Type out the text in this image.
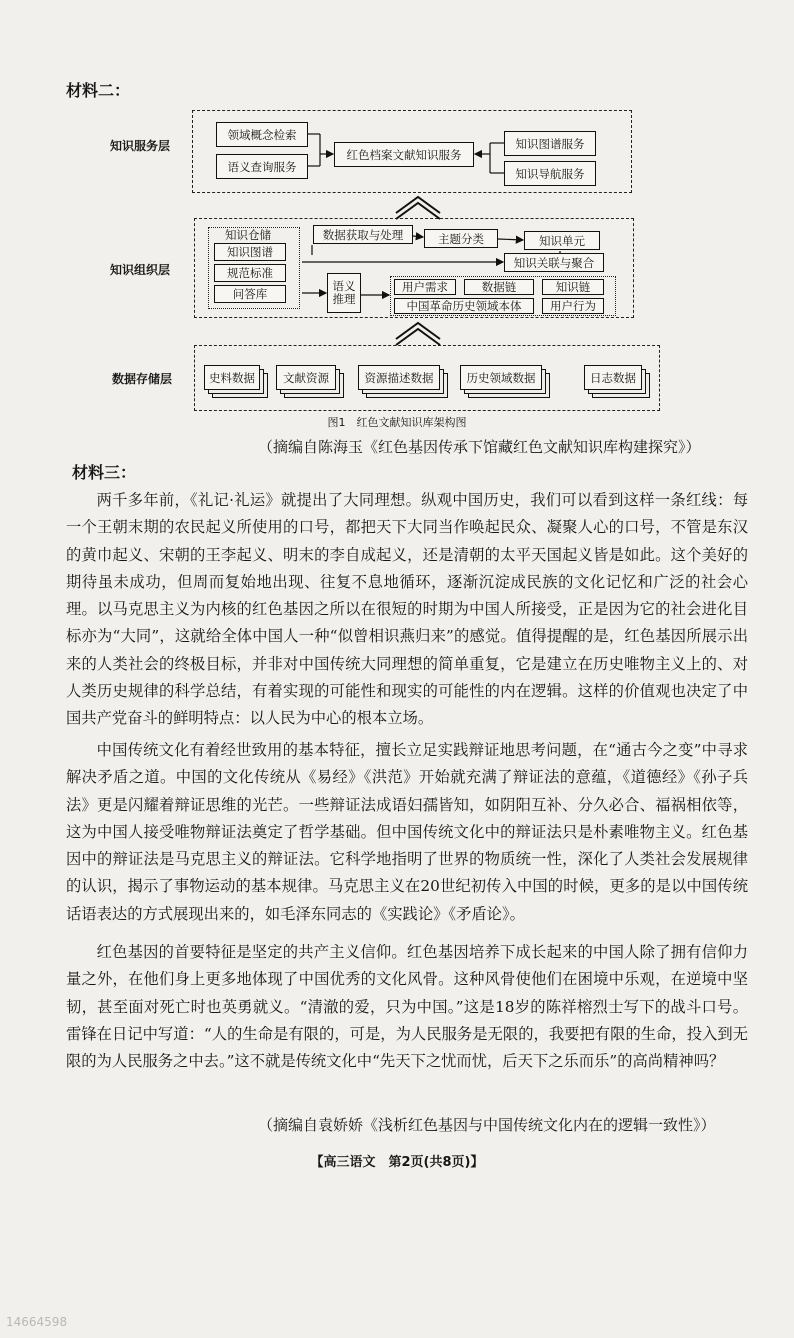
材料二：
知识服务层
知识组织层
数据存储层
领域概念检索
语义查询服务
红色档案文献知识服务
知识图谱服务
知识导航服务
知识仓储
知识图谱
规范标准
问答库
数据获取与处理	主题分类	知识单元
知识关联与聚合
语义推理
用户需求	数据链	知识链
中国革命历史领域本体	用户行为
史料数据 文献资源	资源描述数据	历史领域数据	日志数据
图1　红色文献知识库架构图
（摘编自陈海玉《红色基因传承下馆藏红色文献知识库构建探究》）
材料三：

两千多年前，《礼记·礼运》就提出了大同理想。纵观中国历史，我们可以看到这样一条红线：每一个王朝末期的农民起义所使用的口号，都把天下大同当作唤起民众、凝聚人心的口号，不管是东汉的黄巾起义、宋朝的王李起义、明末的李自成起义，还是清朝的太平天国起义皆是如此。这个美好的期待虽未成功，但周而复始地出现、往复不息地循环，逐渐沉淀成民族的文化记忆和广泛的社会心理。以马克思主义为内核的红色基因之所以在很短的时期为中国人所接受，正是因为它的社会进化目标亦为“大同”，这就给全体中国人一种“似曾相识燕归来”的感觉。值得提醒的是，红色基因所展示出来的人类社会的终极目标，并非对中国传统大同理想的简单重复，它是建立在历史唯物主义上的、对人类历史规律的科学总结，有着实现的可能性和现实的可能性的内在逻辑。这样的价值观也决定了中国共产党奋斗的鲜明特点：以人民为中心的根本立场。

中国传统文化有着经世致用的基本特征，擅长立足实践辩证地思考问题，在“通古今之变”中寻求解决矛盾之道。中国的文化传统从《易经》《洪范》开始就充满了辩证法的意蕴，《道德经》《孙子兵法》更是闪耀着辩证思维的光芒。一些辩证法成语妇孺皆知，如阴阳互补、分久必合、福祸相依等，这为中国人接受唯物辩证法奠定了哲学基础。但中国传统文化中的辩证法只是朴素唯物主义。红色基因中的辩证法是马克思主义的辩证法。它科学地指明了世界的物质统一性，深化了人类社会发展规律的认识，揭示了事物运动的基本规律。马克思主义在20世纪初传入中国的时候，更多的是以中国传统话语表达的方式展现出来的，如毛泽东同志的《实践论》《矛盾论》。

红色基因的首要特征是坚定的共产主义信仰。红色基因培养下成长起来的中国人除了拥有信仰力量之外，在他们身上更多地体现了中国优秀的文化风骨。这种风骨使他们在困境中乐观，在逆境中坚韧，甚至面对死亡时也英勇就义。“清澈的爱，只为中国。”这是18岁的陈祥榕烈士写下的战斗口号。雷锋在日记中写道：“人的生命是有限的，可是，为人民服务是无限的，我要把有限的生命，投入到无限的为人民服务之中去。”这不就是传统文化中“先天下之忧而忧，后天下之乐而乐”的高尚精神吗？

（摘编自袁娇娇《浅析红色基因与中国传统文化内在的逻辑一致性》）
【高三语文　第2页(共8页)】
14664598
